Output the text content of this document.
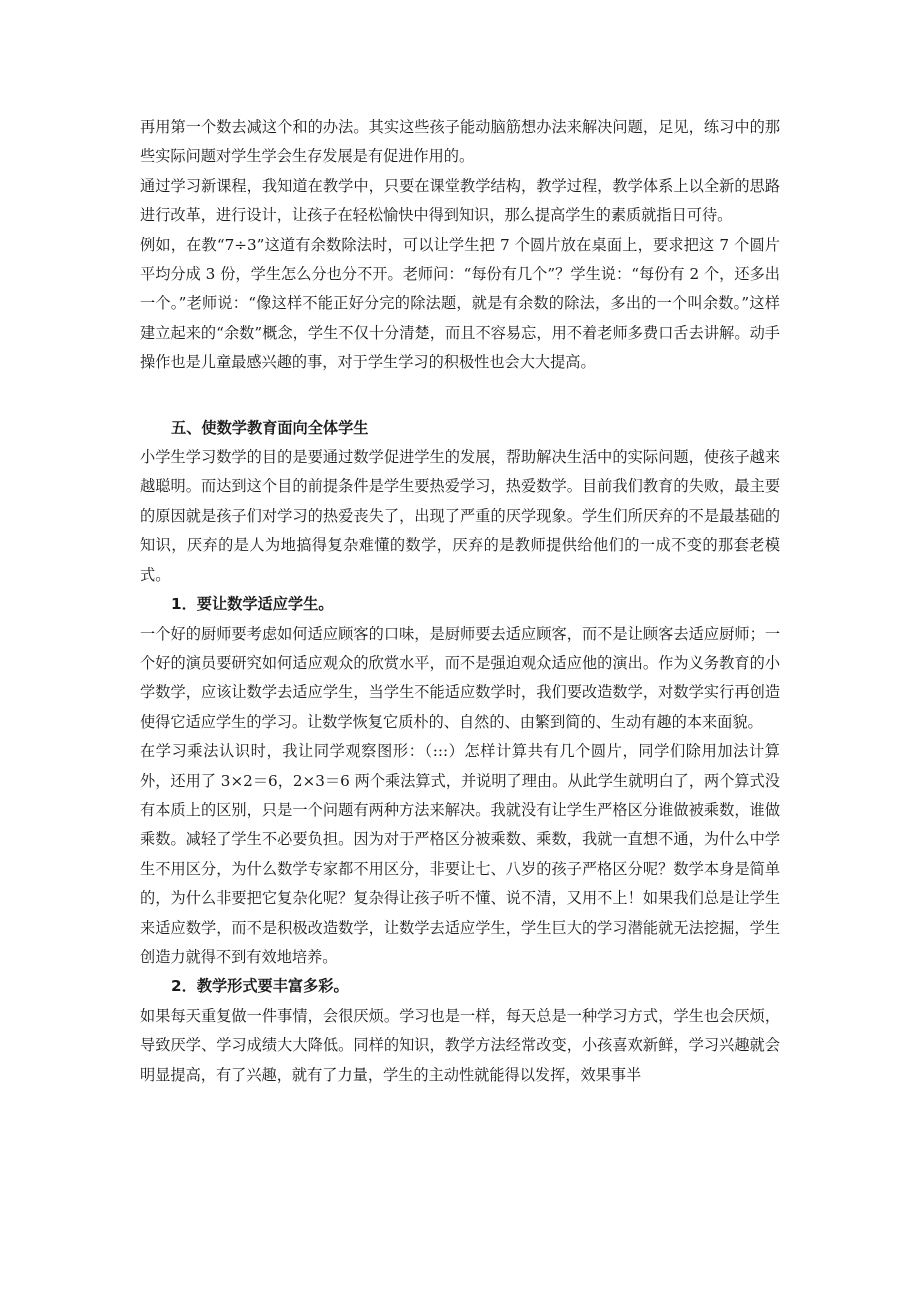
再用第一个数去减这个和的办法。其实这些孩子能动脑筋想办法来解决问题，足见，练习中的那些实际问题对学生学会生存发展是有促进作用的。

通过学习新课程，我知道在教学中，只要在课堂教学结构，教学过程，教学体系上以全新的思路进行改革，进行设计，让孩子在轻松愉快中得到知识，那么提高学生的素质就指日可待。

例如，在教“7÷3”这道有余数除法时，可以让学生把 7 个圆片放在桌面上，要求把这 7 个圆片平均分成 3 份，学生怎么分也分不开。老师问：“每份有几个”？学生说：“每份有 2 个，还多出一个。”老师说：“像这样不能正好分完的除法题，就是有余数的除法，多出的一个叫余数。”这样建立起来的“余数”概念，学生不仅十分清楚，而且不容易忘，用不着老师多费口舌去讲解。动手操作也是儿童最感兴趣的事，对于学生学习的积极性也会大大提高。

五、使数学教育面向全体学生

小学生学习数学的目的是要通过数学促进学生的发展，帮助解决生活中的实际问题，使孩子越来越聪明。而达到这个目的前提条件是学生要热爱学习，热爱数学。目前我们教育的失败，最主要的原因就是孩子们对学习的热爱丧失了，出现了严重的厌学现象。学生们所厌弃的不是最基础的知识，厌弃的是人为地搞得复杂难懂的数学，厌弃的是教师提供给他们的一成不变的那套老模式。

1．要让数学适应学生。

一个好的厨师要考虑如何适应顾客的口味，是厨师要去适应顾客，而不是让顾客去适应厨师；一个好的演员要研究如何适应观众的欣赏水平，而不是强迫观众适应他的演出。作为义务教育的小学数学，应该让数学去适应学生，当学生不能适应数学时，我们要改造数学，对数学实行再创造使得它适应学生的学习。让数学恢复它质朴的、自然的、由繁到简的、生动有趣的本来面貌。

在学习乘法认识时，我让同学观察图形：（:::）怎样计算共有几个圆片，同学们除用加法计算外，还用了 3×2＝6，2×3＝6 两个乘法算式，并说明了理由。从此学生就明白了，两个算式没有本质上的区别，只是一个问题有两种方法来解决。我就没有让学生严格区分谁做被乘数，谁做乘数。减轻了学生不必要负担。因为对于严格区分被乘数、乘数，我就一直想不通，为什么中学生不用区分，为什么数学专家都不用区分，非要让七、八岁的孩子严格区分呢？数学本身是简单的，为什么非要把它复杂化呢？复杂得让孩子听不懂、说不清，又用不上！如果我们总是让学生来适应数学，而不是积极改造数学，让数学去适应学生，学生巨大的学习潜能就无法挖掘，学生创造力就得不到有效地培养。

2．教学形式要丰富多彩。

如果每天重复做一件事情，会很厌烦。学习也是一样，每天总是一种学习方式，学生也会厌烦，导致厌学、学习成绩大大降低。同样的知识，教学方法经常改变，小孩喜欢新鲜，学习兴趣就会明显提高，有了兴趣，就有了力量，学生的主动性就能得以发挥，效果事半
